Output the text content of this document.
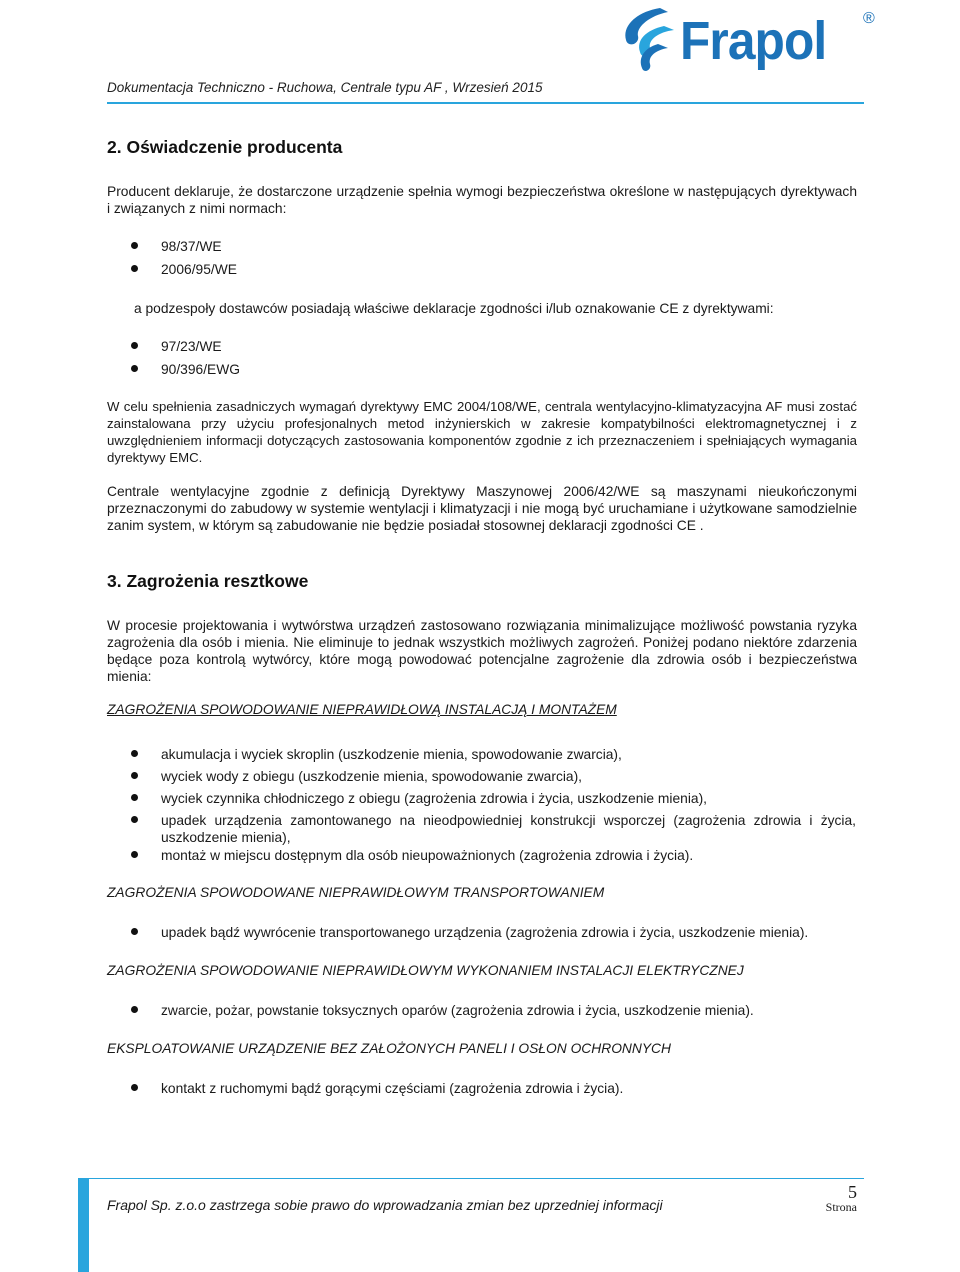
Dokumentacja Techniczno - Ruchowa, Centrale typu AF , Wrzesień 2015
Frapol ®
2. Oświadczenie producenta
Producent deklaruje, że dostarczone urządzenie spełnia wymogi bezpieczeństwa określone w następujących dyrektywach i związanych z nimi normach:
98/37/WE
2006/95/WE
a podzespoły dostawców posiadają właściwe deklaracje zgodności i/lub oznakowanie CE z dyrektywami:
97/23/WE
90/396/EWG
W celu spełnienia zasadniczych wymagań dyrektywy EMC 2004/108/WE, centrala wentylacyjno-klimatyzacyjna AF musi zostać zainstalowana przy użyciu profesjonalnych metod inżynierskich w zakresie kompatybilności elektromagnetycznej i z uwzględnieniem informacji dotyczących zastosowania komponentów zgodnie z ich przeznaczeniem i spełniających wymagania dyrektywy EMC.
Centrale wentylacyjne zgodnie z definicją Dyrektywy Maszynowej 2006/42/WE są maszynami nieukończonymi przeznaczonymi do zabudowy w systemie wentylacji i klimatyzacji i nie mogą być uruchamiane i użytkowane samodzielnie zanim system, w którym są zabudowanie nie będzie posiadał stosownej deklaracji zgodności CE .
3. Zagrożenia resztkowe
W procesie projektowania i wytwórstwa urządzeń zastosowano rozwiązania minimalizujące możliwość powstania ryzyka zagrożenia dla osób i mienia. Nie eliminuje to jednak wszystkich możliwych zagrożeń. Poniżej podano niektóre zdarzenia będące poza kontrolą wytwórcy, które mogą powodować potencjalne zagrożenie dla zdrowia osób i bezpieczeństwa mienia:
ZAGROŻENIA SPOWODOWANIE NIEPRAWIDŁOWĄ INSTALACJĄ I MONTAŻEM
akumulacja i wyciek skroplin (uszkodzenie mienia, spowodowanie zwarcia),
wyciek wody z obiegu (uszkodzenie mienia, spowodowanie zwarcia),
wyciek czynnika chłodniczego z obiegu (zagrożenia zdrowia i życia, uszkodzenie mienia),
upadek urządzenia zamontowanego na nieodpowiedniej konstrukcji wsporczej (zagrożenia zdrowia i życia, uszkodzenie mienia),
montaż w miejscu dostępnym dla osób nieupoważnionych (zagrożenia zdrowia i życia).
ZAGROŻENIA SPOWODOWANE NIEPRAWIDŁOWYM TRANSPORTOWANIEM
upadek bądź wywrócenie transportowanego urządzenia (zagrożenia zdrowia i życia, uszkodzenie mienia).
ZAGROŻENIA SPOWODOWANIE NIEPRAWIDŁOWYM WYKONANIEM INSTALACJI ELEKTRYCZNEJ
zwarcie, pożar, powstanie toksycznych oparów (zagrożenia zdrowia i życia, uszkodzenie mienia).
EKSPLOATOWANIE URZĄDZENIE BEZ ZAŁOŻONYCH PANELI I OSŁON OCHRONNYCH
kontakt z ruchomymi bądź gorącymi częściami (zagrożenia zdrowia i życia).
Frapol Sp. z.o.o zastrzega sobie prawo do wprowadzania zmian bez uprzedniej informacji
5
Strona
